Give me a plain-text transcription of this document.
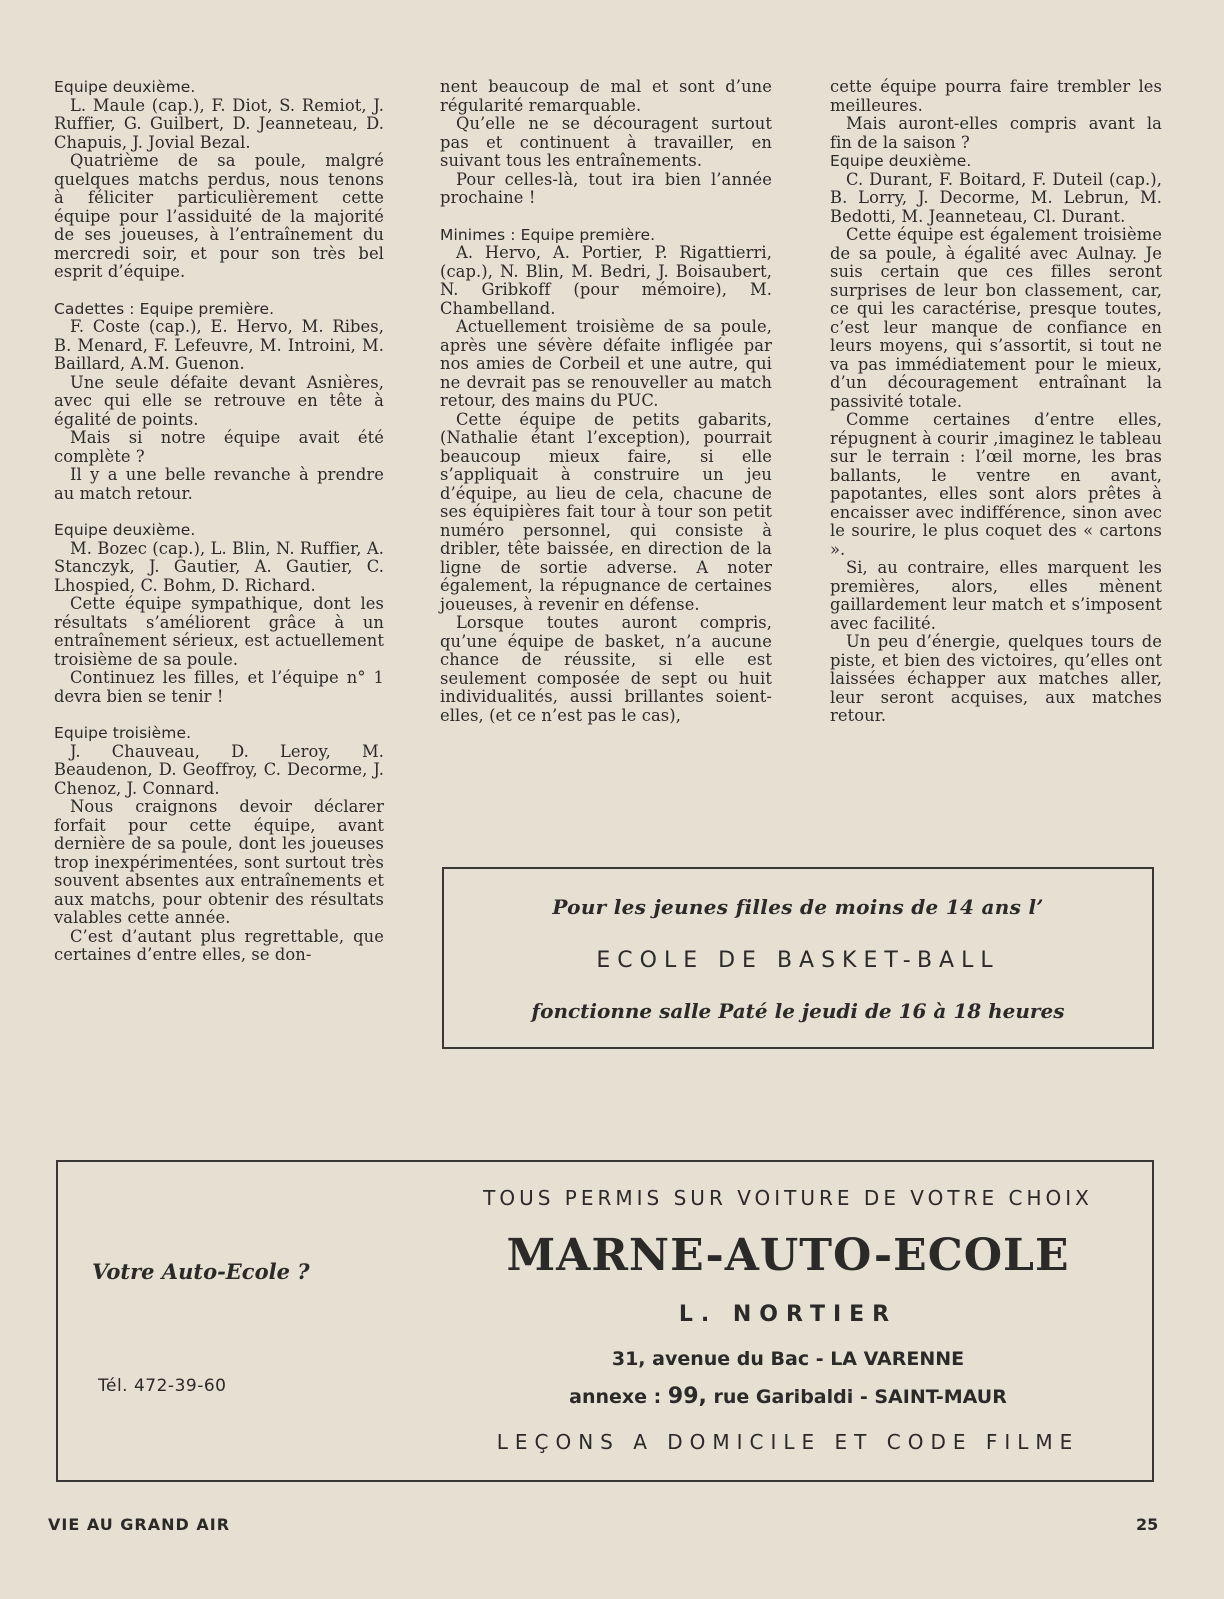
Equipe deuxième.

L. Maule (cap.), F. Diot, S. Remiot, J. Ruffier, G. Guilbert, D. Jeanneteau, D. Chapuis, J. Jovial Bezal.

Quatrième de sa poule, malgré quelques matchs perdus, nous tenons à féliciter particulièrement cette équipe pour l’assiduité de la majorité de ses joueuses, à l’entraînement du mercredi soir, et pour son très bel esprit d’équipe.

Cadettes : Equipe première.

F. Coste (cap.), E. Hervo, M. Ribes, B. Menard, F. Lefeuvre, M. Introini, M. Baillard, A.M. Guenon.

Une seule défaite devant Asnières, avec qui elle se retrouve en tête à égalité de points.

Mais si notre équipe avait été complète ?

Il y a une belle revanche à prendre au match retour.

Equipe deuxième.

M. Bozec (cap.), L. Blin, N. Ruffier, A. Stanczyk, J. Gautier, A. Gautier, C. Lhospied, C. Bohm, D. Richard.

Cette équipe sympathique, dont les résultats s’améliorent grâce à un entraînement sérieux, est actuellement troisième de sa poule.

Continuez les filles, et l’équipe n° 1 devra bien se tenir !

Equipe troisième.

J. Chauveau, D. Leroy, M. Beaudenon, D. Geoffroy, C. Decorme, J. Chenoz, J. Connard.

Nous craignons devoir déclarer forfait pour cette équipe, avant dernière de sa poule, dont les joueuses trop inexpérimentées, sont surtout très souvent absentes aux entraînements et aux matchs, pour obtenir des résultats valables cette année.

C’est d’autant plus regrettable, que certaines d’entre elles, se don-

nent beaucoup de mal et sont d’une régularité remarquable.

Qu’elle ne se découragent surtout pas et continuent à travailler, en suivant tous les entraînements.

Pour celles-là, tout ira bien l’année prochaine !

Minimes : Equipe première.

A. Hervo, A. Portier, P. Rigattierri, (cap.), N. Blin, M. Bedri, J. Boisaubert, N. Gribkoff (pour mémoire), M. Chambelland.

Actuellement troisième de sa poule, après une sévère défaite infligée par nos amies de Corbeil et une autre, qui ne devrait pas se renouveller au match retour, des mains du PUC.

Cette équipe de petits gabarits, (Nathalie étant l’exception), pourrait beaucoup mieux faire, si elle s’appliquait à construire un jeu d’équipe, au lieu de cela, chacune de ses équipières fait tour à tour son petit numéro personnel, qui consiste à dribler, tête baissée, en direction de la ligne de sortie adverse. A noter également, la répugnance de certaines joueuses, à revenir en défense.

Lorsque toutes auront compris, qu’une équipe de basket, n’a aucune chance de réussite, si elle est seulement composée de sept ou huit individualités, aussi brillantes soient-elles, (et ce n’est pas le cas),

cette équipe pourra faire trembler les meilleures.

Mais auront-elles compris avant la fin de la saison ?

Equipe deuxième.

C. Durant, F. Boitard, F. Duteil (cap.), B. Lorry, J. Decorme, M. Lebrun, M. Bedotti, M. Jeanneteau, Cl. Durant.

Cette équipe est également troisième de sa poule, à égalité avec Aulnay. Je suis certain que ces filles seront surprises de leur bon classement, car, ce qui les caractérise, presque toutes, c’est leur manque de confiance en leurs moyens, qui s’assortit, si tout ne va pas immédiatement pour le mieux, d’un découragement entraînant la passivité totale.

Comme certaines d’entre elles, répugnent à courir ,imaginez le tableau sur le terrain : l’œil morne, les bras ballants, le ventre en avant, papotantes, elles sont alors prêtes à encaisser avec indifférence, sinon avec le sourire, le plus coquet des « cartons ».

Si, au contraire, elles marquent les premières, alors, elles mènent gaillardement leur match et s’imposent avec facilité.

Un peu d’énergie, quelques tours de piste, et bien des victoires, qu’elles ont laissées échapper aux matches aller, leur seront acquises, aux matches retour.

Pour les jeunes filles de moins de 14 ans l’
ECOLE DE BASKET-BALL
fonctionne salle Paté le jeudi de 16 à 18 heures
Votre Auto-Ecole ?
Tél. 472-39-60
TOUS PERMIS SUR VOITURE DE VOTRE CHOIX
MARNE-AUTO-ECOLE
L. NORTIER
31, avenue du Bac - LA VARENNE
annexe : 99, rue Garibaldi - SAINT-MAUR
LEÇONS A DOMICILE ET CODE FILME
VIE AU GRAND AIR	25
